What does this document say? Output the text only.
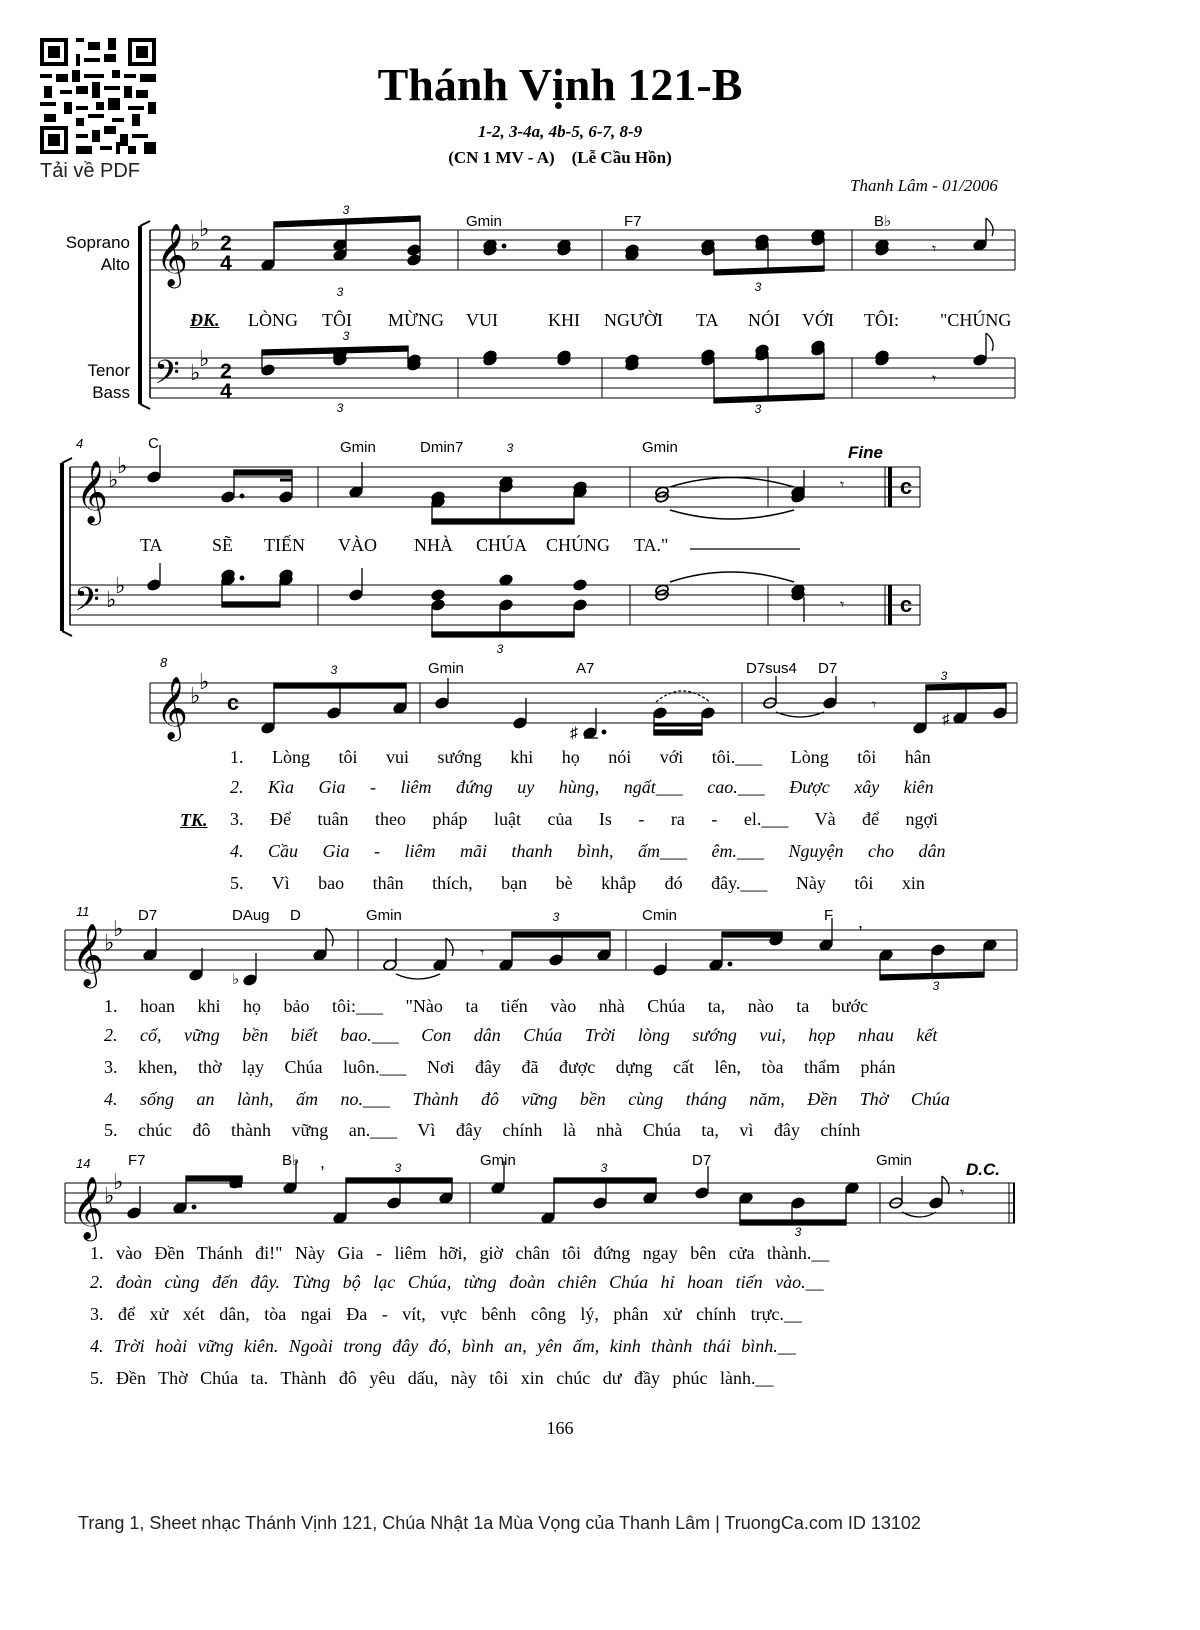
Tải về PDF
Thánh Vịnh 121-B
1-2, 3-4a, 4b-5, 6-7, 8-9
(CN 1 MV - A)    (Lễ Cầu Hồn)
Thanh Lâm - 01/2006
𝄞
𝄢
𝄞
𝄢
𝄞
𝄞
𝄞
♭
♭
♭
♭
♭
♭
♭
♭
♭
♭
♭
♭
♭
♭
2
4
2
4
c
c
c
Soprano
Alto
Tenor
Bass
4
8
11
14
Gmin	F7	B♭
C	Gmin	Dmin7	Gmin
Gmin	A7	D7sus4 D7
D7	DAug D	Gmin	Cmin	F
F7	B♭	Gmin	D7	Gmin
Fine
D.C.
3
3	3
3
3	3
3
3
3	3
3
3
3	3
3
𝄾
𝄾
𝄾
𝄾
♯
𝄾
♯
♭
𝄾
,
,
𝄾
ĐK. LÒNG TÔI MỪNG VUI	KHI NGƯỜI TA NÓI VỚI TÔI: "CHÚNG
TA	SẼ TIẾN VÀO NHÀ CHÚA CHÚNG TA."
TK.
1. Lòng tôi vui sướng khi họ nói với tôi.___ Lòng tôi hân
2. Kìa Gia - liêm đứng uy hùng, ngất___ cao.___ Được xây kiên
3. Để tuân theo pháp luật của Is - ra - el.___ Và để ngợi
4. Cầu Gia - liêm mãi thanh bình, ấm___ êm.___ Nguyện cho dân
5. Vì bao thân thích, bạn bè khắp đó đây.___ Này tôi xin
1. hoan khi họ bảo tôi:___ "Nào ta tiến vào nhà Chúa ta, nào ta bước
2. cố, vững bền biết bao.___ Con dân Chúa Trời lòng sướng vui, họp nhau kết
3. khen, thờ lạy Chúa luôn.___ Nơi đây đã được dựng cất lên, tòa thẩm phán
4. sống an lành, ấm no.___ Thành đô vững bền cùng tháng năm, Đền Thờ Chúa
5. chúc đô thành vững an.___ Vì đây chính là nhà Chúa ta, vì đây chính
1. vào Đền Thánh đi!" Này Gia - liêm hỡi, giờ chân tôi đứng ngay bên cửa thành.__
2. đoàn cùng đến đây. Từng bộ lạc Chúa, từng đoàn chiên Chúa hỉ hoan tiến vào.__
3. để xử xét dân, tòa ngai Đa - vít, vực bênh công lý, phân xử chính trực.__
4. Trời hoài vững kiên. Ngoài trong đây đó, bình an, yên ấm, kinh thành thái bình.__
5. Đền Thờ Chúa ta. Thành đô yêu dấu, này tôi xin chúc dư đầy phúc lành.__
166
Trang 1, Sheet nhạc Thánh Vịnh 121, Chúa Nhật 1a Mùa Vọng của Thanh Lâm | TruongCa.com ID 13102
